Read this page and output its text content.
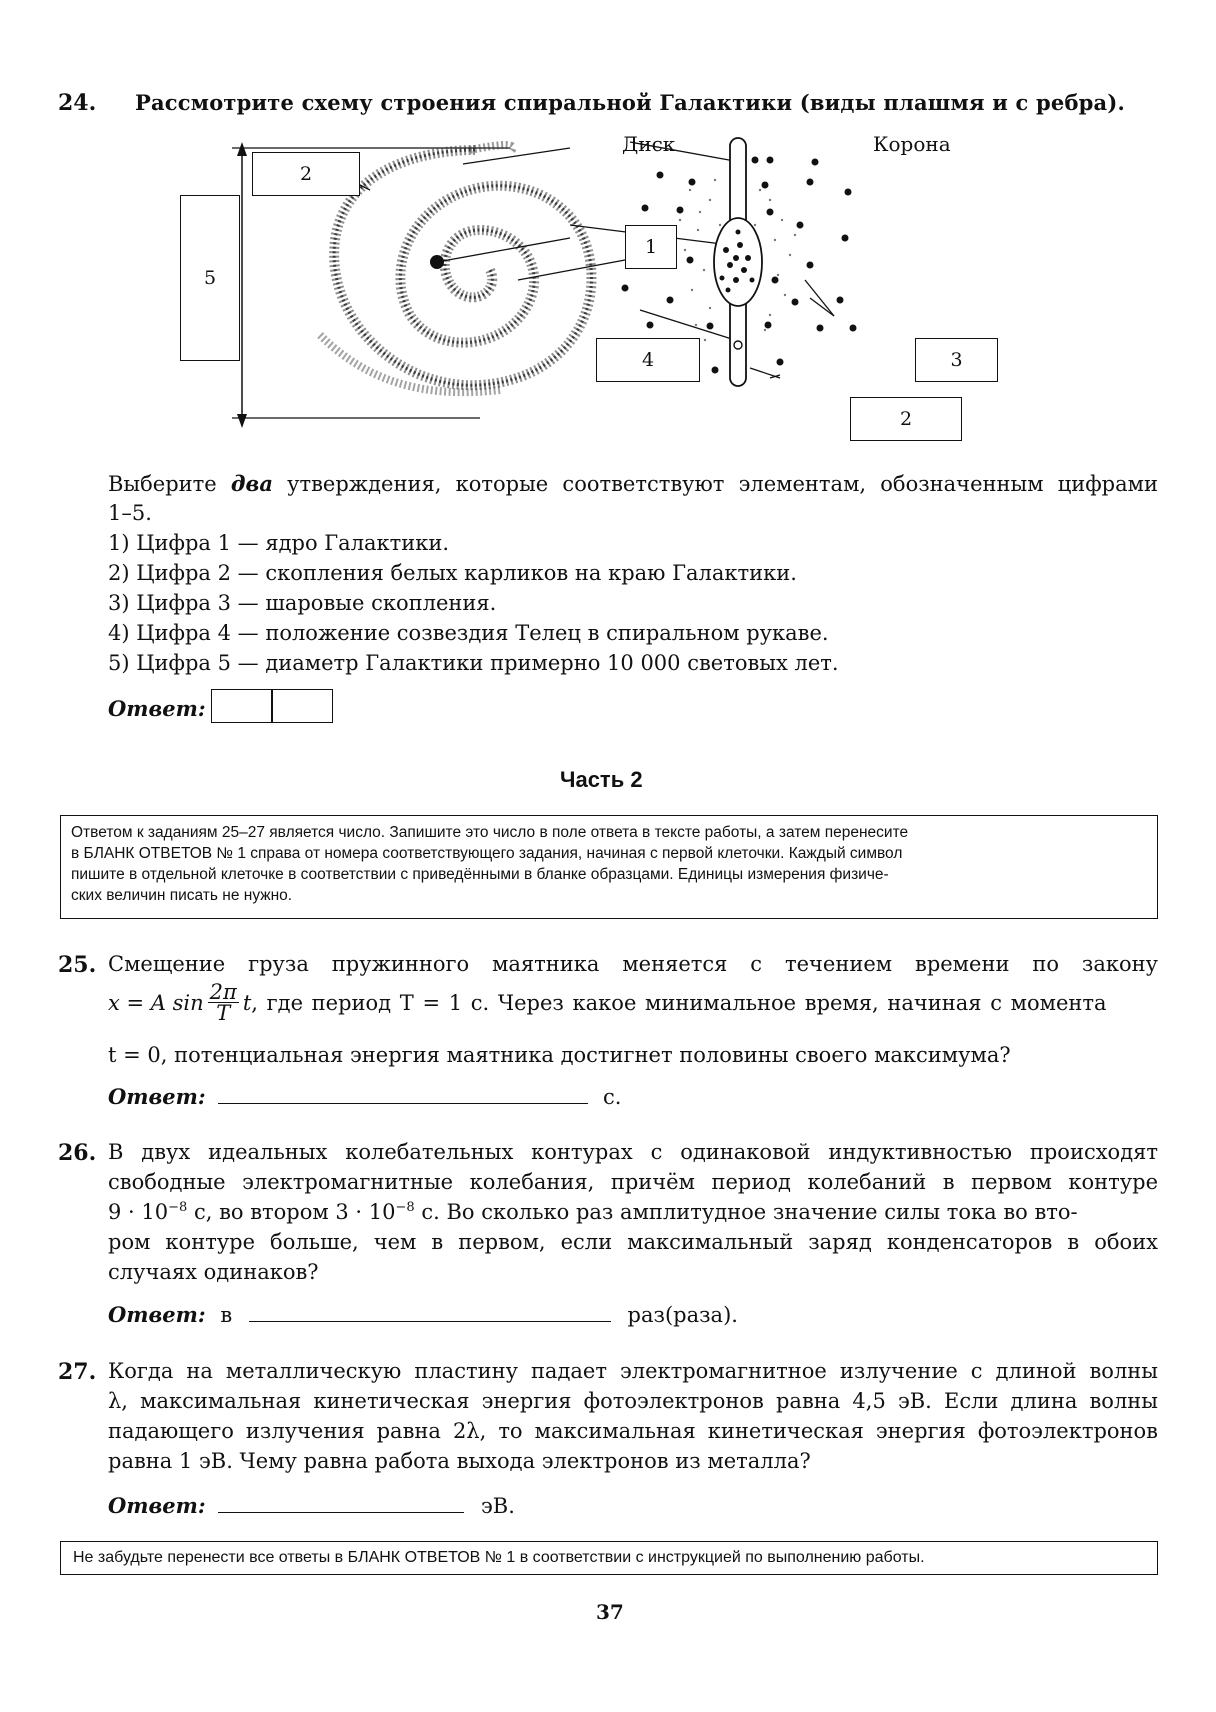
24. Рассмотрите схему строения спиральной Галактики (виды плашмя и с ребра).
Диск	Корона
2
5
1
4	3
2
Выберите два утверждения, которые соответствуют элементам, обозначенным цифрами
1–5.
1) Цифра 1 — ядро Галактики.
2) Цифра 2 — скопления белых карликов на краю Галактики.
3) Цифра 3 — шаровые скопления.
4) Цифра 4 — положение созвездия Телец в спиральном рукаве.
5) Цифра 5 — диаметр Галактики примерно 10 000 световых лет.
Ответ:
Часть 2
Ответом к заданиям 25–27 является число. Запишите это число в поле ответа в тексте работы, а затем перенесите
в БЛАНК ОТВЕТОВ № 1 справа от номера соответствующего задания, начиная с первой клеточки. Каждый символ
пишите в отдельной клеточке в соответствии с приведёнными в бланке образцами. Единицы измерения физиче-
ских величин писать не нужно.
25. Смещение груза пружинного маятника меняется с течением времени по закону
x = A $\sin \frac{2\pi}{T}$ t , где период T = 1 с. Через какое минимальное время, начиная с момента
t = 0, потенциальная энергия маятника достигнет половины своего максимума?
Ответ:	с.
26. В двух идеальных колебательных контурах с одинаковой индуктивностью происходят
свободные электромагнитные колебания, причём период колебаний в первом контуре
$9 \cdot 10^{-8}$ с, во втором $3 \cdot 10^{-8}$ с. Во сколько раз амплитудное значение силы тока во вто-
ром контуре больше, чем в первом, если максимальный заряд конденсаторов в обоих
случаях одинаков?
Ответ: в	раз(раза).
27. Когда на металлическую пластину падает электромагнитное излучение с длиной волны
λ, максимальная кинетическая энергия фотоэлектронов равна 4,5 эВ. Если длина волны
падающего излучения равна 2λ, то максимальная кинетическая энергия фотоэлектронов
равна 1 эВ. Чему равна работа выхода электронов из металла?
Ответ:	эВ.
Не забудьте перенести все ответы в БЛАНК ОТВЕТОВ № 1 в соответствии с инструкцией по выполнению работы.
37
